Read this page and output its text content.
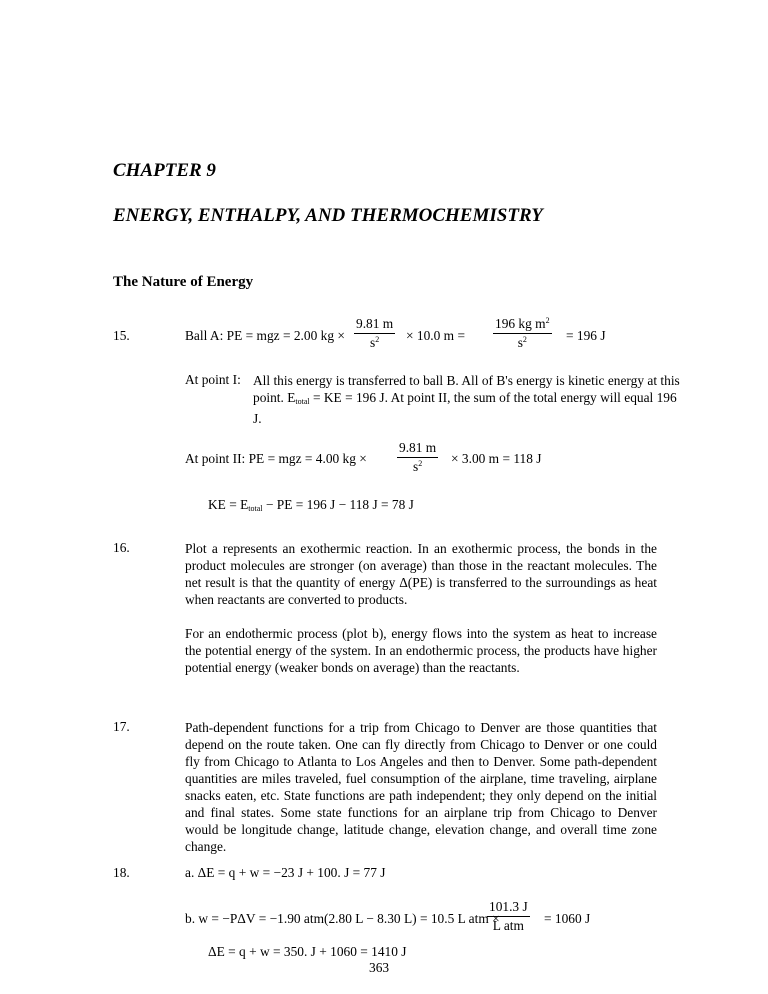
CHAPTER 9
ENERGY, ENTHALPY, AND THERMOCHEMISTRY
The Nature of Energy
15.	Ball A: PE = mgz = 2.00 kg × $\frac{9.81 m}{s^2} \times 10.0$ $m = \frac{196 kg m^2}{s^2} = 196$ J
At point I: All this energy is transferred to ball B. All of B's energy is kinetic energy at this
point. $E_{total}$ = KE = 196 J. At point II, the sum of the total energy will equal 196
J.
At point II: PE = mgz = 4.00 kg × $\frac{9.81 m}{s^2} \times 3.00$ m = 118 J
KE = $E_{total}$ − PE = 196 J − 118 J = 78 J
16.	Plot a represents an exothermic reaction. In an exothermic process, the bonds in the product molecules are stronger (on average) than those in the reactant molecules. The net result is that the quantity of energy Δ(PE) is transferred to the surroundings as heat when reactants are converted to products.
For an endothermic process (plot b), energy flows into the system as heat to increase the potential energy of the system. In an endothermic process, the products have higher potential energy (weaker bonds on average) than the reactants.
17.	Path-dependent functions for a trip from Chicago to Denver are those quantities that depend on the route taken. One can fly directly from Chicago to Denver or one could fly from Chicago to Atlanta to Los Angeles and then to Denver. Some path-dependent quantities are miles traveled, fuel consumption of the airplane, time traveling, airplane snacks eaten, etc. State functions are path independent; they only depend on the initial and final states. Some state functions for an airplane trip from Chicago to Denver would be longitude change, latitude change, elevation change, and overall time zone change.
18.	a. ΔE = q + w = −23 J + 100. J = 77 J
b. w = −PΔV = −1.90 atm(2.80 L − 8.30 L) = 10.5 L atm ×
101.3 J
L atm	= 1060 J
ΔE = q + w = 350. J + 1060 = 1410 J
363
